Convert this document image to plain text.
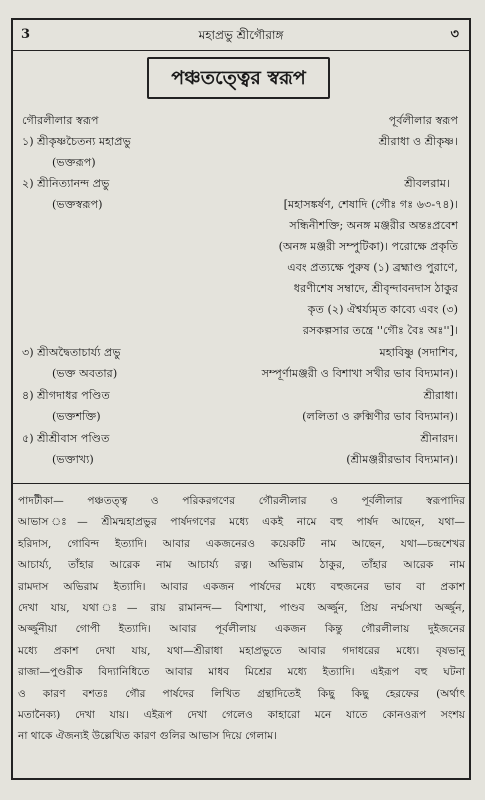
3	মহাপ্রভু শ্রীগৌরাঙ্গ	৩
পঞ্চতত্ত্বের স্বরূপ
গৌরলীলার স্বরূপ	পূর্বলীলার স্বরূপ
১) শ্রীকৃষ্ণচৈতন্য মহাপ্রভু	শ্রীরাধা ও শ্রীকৃষ্ণ।
(ভক্তরূপ)
২) শ্রীনিত্যানন্দ প্রভু	শ্রীবলরাম।
(ভক্তস্বরূপ)	[মহাসঙ্কর্ষণ, শেষাদি (গৌঃ গঃ ৬৩-৭৪)।
সন্ধিনীশক্তি; অনঙ্গ মঞ্জরীর অন্তঃপ্রবেশ
(অনঙ্গ মঞ্জরী সম্পুটিকা)। পরোক্ষে প্রকৃতি
এবং প্রত্যক্ষে পুরুষ (১) ব্রহ্মাণ্ড পুরাণে,
ধরণীশেষ সম্বাদে, শ্রীবৃন্দাবনদাস ঠাকুর
কৃত (২) ঐশ্বর্য্যমৃত কাব্যে এবং (৩)
রসকল্পসার তন্ত্রে ''গৌঃ বৈঃ অঃ'']।
৩) শ্রীঅদ্বৈতাচার্য্য প্রভু	মহাবিষ্ণু (সদাশিব,
(ভক্ত অবতার)	সম্পূর্ণামঞ্জরী ও বিশাখা সখীর ভাব বিদ্যমান)।
৪) শ্রীগদাধর পণ্ডিত	শ্রীরাধা।
(ভক্তশক্তি)	(ললিতা ও রুক্মিণীর ভাব বিদ্যমান)।
৫) শ্রীশ্রীবাস পণ্ডিত	শ্রীনারদ।
(ভক্তাখ্য)	(শ্রীমঞ্জরীরভাব বিদ্যমান)।
পাদটীকা— পঞ্চতত্ত্ব ও পরিকরগণের গৌরলীলার ও পূর্বলীলার স্বরূপাদির
আভাস ঃ— শ্রীমন্মহাপ্রভুর পার্ষদগণের মধ্যে একই নামে বহু পার্ষদ আছেন, যথা—
হরিদাস, গোবিন্দ ইত্যাদি। আবার একজনেরও কয়েকটি নাম আছেন, যথা—চন্দ্রশেখর
আচার্য্য, তাঁহার আরেক নাম আচার্য্য রত্ন। অভিরাম ঠাকুর, তাঁহার আরেক নাম
রামদাস অভিরাম ইত্যাদি। আবার একজন পার্ষদের মধ্যে বহুজনের ভাব বা প্রকাশ
দেখা যায়, যথা ঃ— রায় রামানন্দ— বিশাখা, পাণ্ডব অর্জ্জুন, প্রিয় নর্ম্মসখা অর্জ্জুন,
অর্জ্জুনীয়া গোপী ইত্যাদি। আবার পূর্বলীলায় একজন কিন্তু গৌরলীলায় দুইজনের
মধ্যে প্রকাশ দেখা যায়, যথা—শ্রীরাধা মহাপ্রভুতে আবার গদাধরের মধ্যে। বৃষভানু
রাজা—পুণ্ডরীক বিদ্যানিধিতে আবার মাধব মিশ্রের মধ্যে ইত্যাদি। এইরূপ বহু ঘটনা
ও কারণ বশতঃ গৌর পার্ষদের লিখিত গ্রন্থাদিতেই কিছু কিছু হেরফের (অর্থাৎ
মতানৈক্য) দেখা যায়। এইরূপ দেখা গেলেও কাহারো মনে যাতে কোনওরূপ সংশয়
না থাকে ঐজন্যই উল্লেখিত কারণ গুলির আভাস দিয়ে গেলাম।
